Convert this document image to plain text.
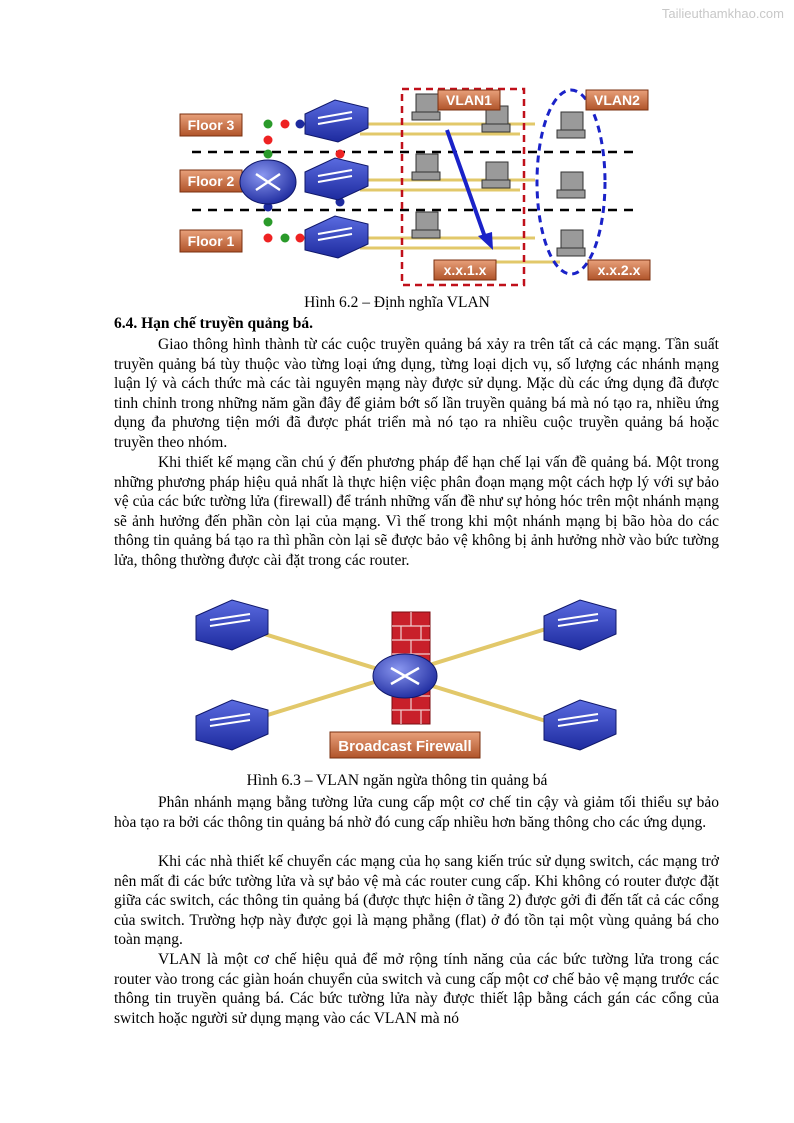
Tailieuthamkhao.com
Floor 3
Floor 2
Floor 1
VLAN1
x.x.1.x
VLAN2
x.x.2.x
Hình 6.2 – Định nghĩa VLAN
6.4. Hạn chế truyền quảng bá.

Giao thông hình thành từ các cuộc truyền quảng bá xảy ra trên tất cả các mạng. Tần suất truyền quảng bá tùy thuộc vào từng loại ứng dụng, từng loại dịch vụ, số lượng các nhánh mạng luận lý và cách thức mà các tài nguyên mạng này được sử dụng. Mặc dù các ứng dụng đã được tinh chỉnh trong những năm gần đây để giảm bớt số lần truyền quảng bá mà nó tạo ra, nhiều ứng dụng đa phương tiện mới đã được phát triển mà nó tạo ra nhiều cuộc truyền quảng bá hoặc truyền theo nhóm.

Khi thiết kế mạng cần chú ý đến phương pháp để hạn chế lại vấn đề quảng bá. Một trong những phương pháp hiệu quả nhất là thực hiện việc phân đoạn mạng một cách hợp lý với sự bảo vệ của các bức tường lửa (firewall) để tránh những vấn đề như sự hỏng hóc trên một nhánh mạng sẽ ảnh hưởng đến phần còn lại của mạng. Vì thế trong khi một nhánh mạng bị bão hòa do các thông tin quảng bá tạo ra thì phần còn lại sẽ được bảo vệ không bị ảnh hưởng nhờ vào bức tường lửa, thông thường được cài đặt trong các router.

Broadcast Firewall
Hình 6.3 – VLAN ngăn ngừa thông tin quảng bá

Phân nhánh mạng bằng tường lửa cung cấp một cơ chế tin cậy và giảm tối thiểu sự bảo hòa tạo ra bởi các thông tin quảng bá nhờ đó cung cấp nhiều hơn băng thông cho các ứng dụng.

Khi các nhà thiết kế chuyển các mạng của họ sang kiến trúc sử dụng switch, các mạng trở nên mất đi các bức tường lửa và sự bảo vệ mà các router cung cấp. Khi không có router được đặt giữa các switch, các thông tin quảng bá (được thực hiện ở tầng 2) được gởi đi đến tất cả các cổng của switch. Trường hợp này được gọi là mạng phẳng (flat) ở đó tồn tại một vùng quảng bá cho toàn mạng.

VLAN là một cơ chế hiệu quả để mở rộng tính năng của các bức tường lửa trong các router vào trong các giàn hoán chuyển của switch và cung cấp một cơ chế bảo vệ mạng trước các thông tin truyền quảng bá. Các bức tường lửa này được thiết lập bằng cách gán các cổng của switch hoặc người sử dụng mạng vào các VLAN mà nó
